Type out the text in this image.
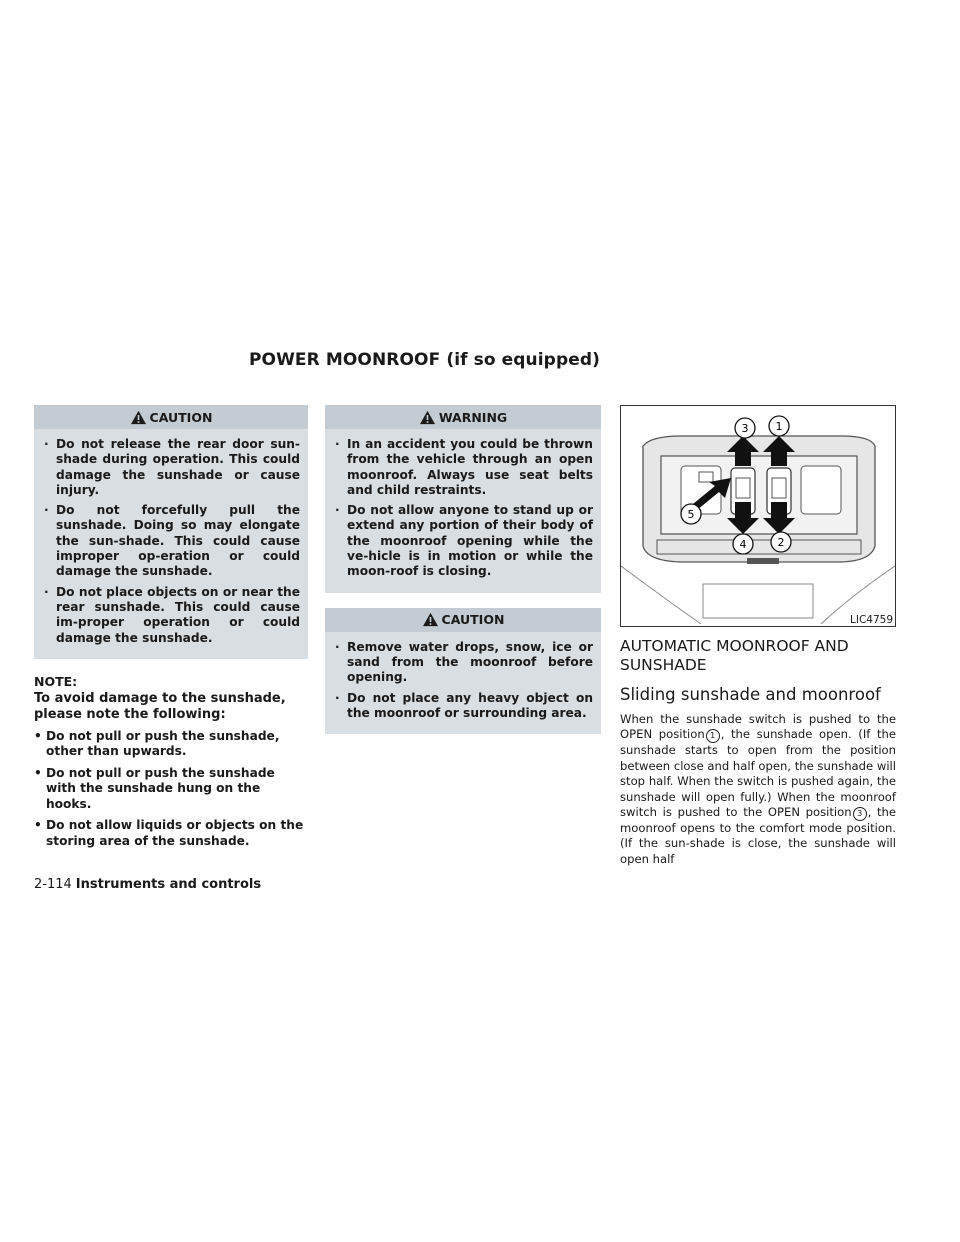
POWER MOONROOF (if so equipped)
CAUTION
· Do not release the rear door sun-shade during operation. This could damage the sunshade or cause injury.
· Do not forcefully pull the sunshade. Doing so may elongate the sun-shade. This could cause improper op-eration or could damage the sunshade.
· Do not place objects on or near the rear sunshade. This could cause im-proper operation or could damage the sunshade.
NOTE:

To avoid damage to the sunshade, please note the following:

• Do not pull or push the sunshade, other than upwards.
• Do not pull or push the sunshade with the sunshade hung on the hooks.
• Do not allow liquids or objects on the storing area of the sunshade.
WARNING
· In an accident you could be thrown from the vehicle through an open moonroof. Always use seat belts and child restraints.
· Do not allow anyone to stand up or extend any portion of their body of the moonroof opening while the ve-hicle is in motion or while the moon-roof is closing.
CAUTION
· Remove water drops, snow, ice or sand from the moonroof before opening.
· Do not place any heavy object on the moonroof or surrounding area.
3 1
4	2
5
LIC4759
AUTOMATIC MOONROOF AND SUNSHADE
Sliding sunshade and moonroof

When the sunshade switch is pushed to the OPEN position 1 , the sunshade open. (If the sunshade starts to open from the position between close and half open, the sunshade will stop half. When the switch is pushed again, the sunshade will open fully.) When the moonroof switch is pushed to the OPEN position 3 , the moonroof opens to the comfort mode position. (If the sun-shade is close, the sunshade will open half

2-114 Instruments and controls
